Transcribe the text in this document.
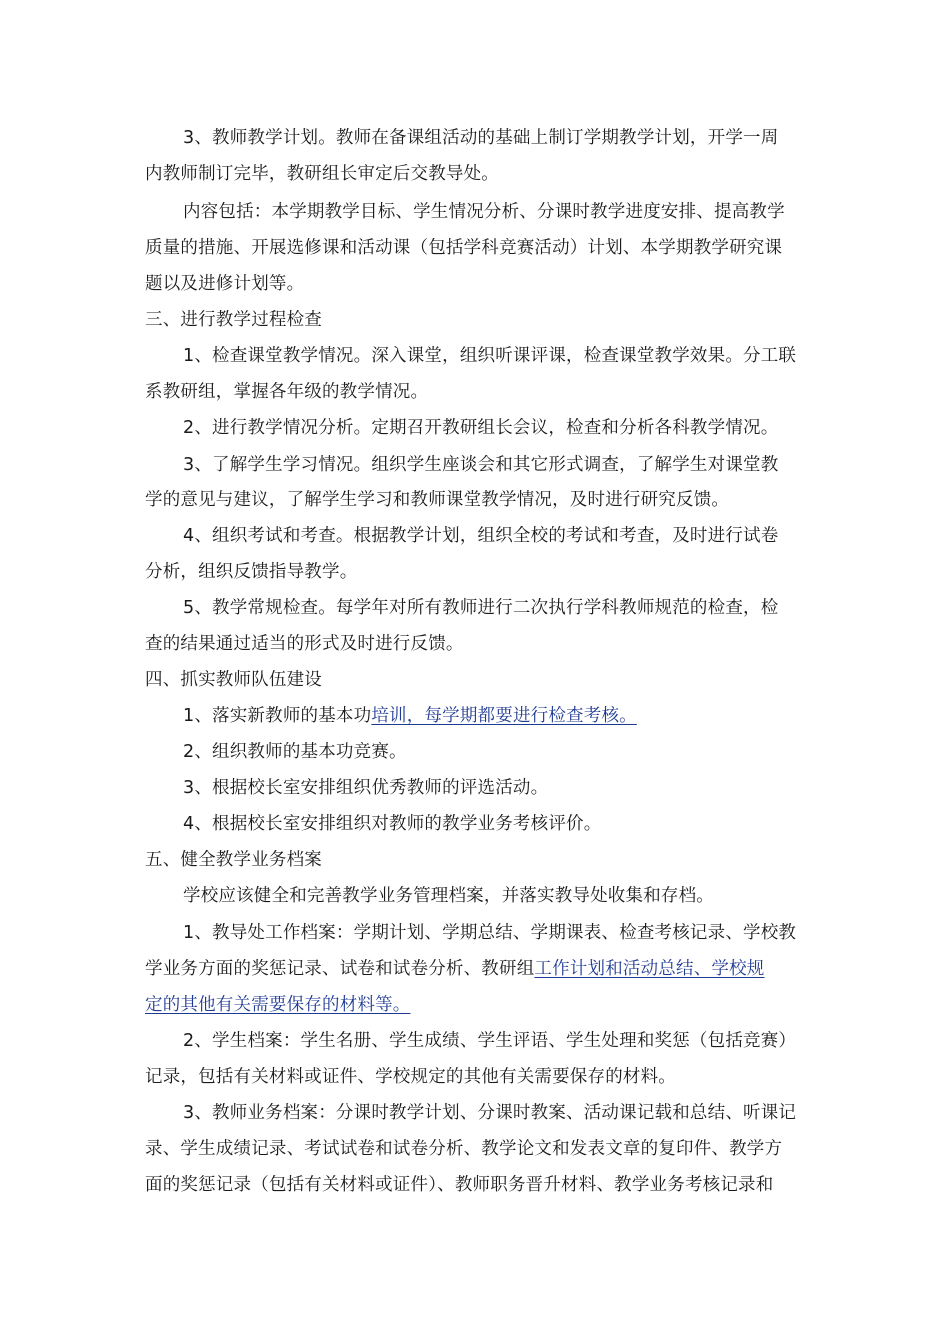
3、教师教学计划。教师在备课组活动的基础上制订学期教学计划，开学一周
内教师制订完毕，教研组长审定后交教导处。
内容包括：本学期教学目标、学生情况分析、分课时教学进度安排、提高教学
质量的措施、开展选修课和活动课（包括学科竞赛活动）计划、本学期教学研究课
题以及进修计划等。
三、进行教学过程检查
1、检查课堂教学情况。深入课堂，组织听课评课，检查课堂教学效果。分工联
系教研组，掌握各年级的教学情况。
2、进行教学情况分析。定期召开教研组长会议，检查和分析各科教学情况。
3、了解学生学习情况。组织学生座谈会和其它形式调查，了解学生对课堂教
学的意见与建议，了解学生学习和教师课堂教学情况，及时进行研究反馈。
4、组织考试和考查。根据教学计划，组织全校的考试和考查，及时进行试卷
分析，组织反馈指导教学。
5、教学常规检查。每学年对所有教师进行二次执行学科教师规范的检查，检
查的结果通过适当的形式及时进行反馈。
四、抓实教师队伍建设
1、落实新教师的基本功培训，每学期都要进行检查考核。
2、组织教师的基本功竞赛。
3、根据校长室安排组织优秀教师的评选活动。
4、根据校长室安排组织对教师的教学业务考核评价。
五、健全教学业务档案
学校应该健全和完善教学业务管理档案，并落实教导处收集和存档。
1、教导处工作档案：学期计划、学期总结、学期课表、检查考核记录、学校教
学业务方面的奖惩记录、试卷和试卷分析、教研组工作计划和活动总结、学校规
定的其他有关需要保存的材料等。
2、学生档案：学生名册、学生成绩、学生评语、学生处理和奖惩（包括竞赛）
记录，包括有关材料或证件、学校规定的其他有关需要保存的材料。
3、教师业务档案：分课时教学计划、分课时教案、活动课记载和总结、听课记
录、学生成绩记录、考试试卷和试卷分析、教学论文和发表文章的复印件、教学方
面的奖惩记录（包括有关材料或证件）、教师职务晋升材料、教学业务考核记录和
